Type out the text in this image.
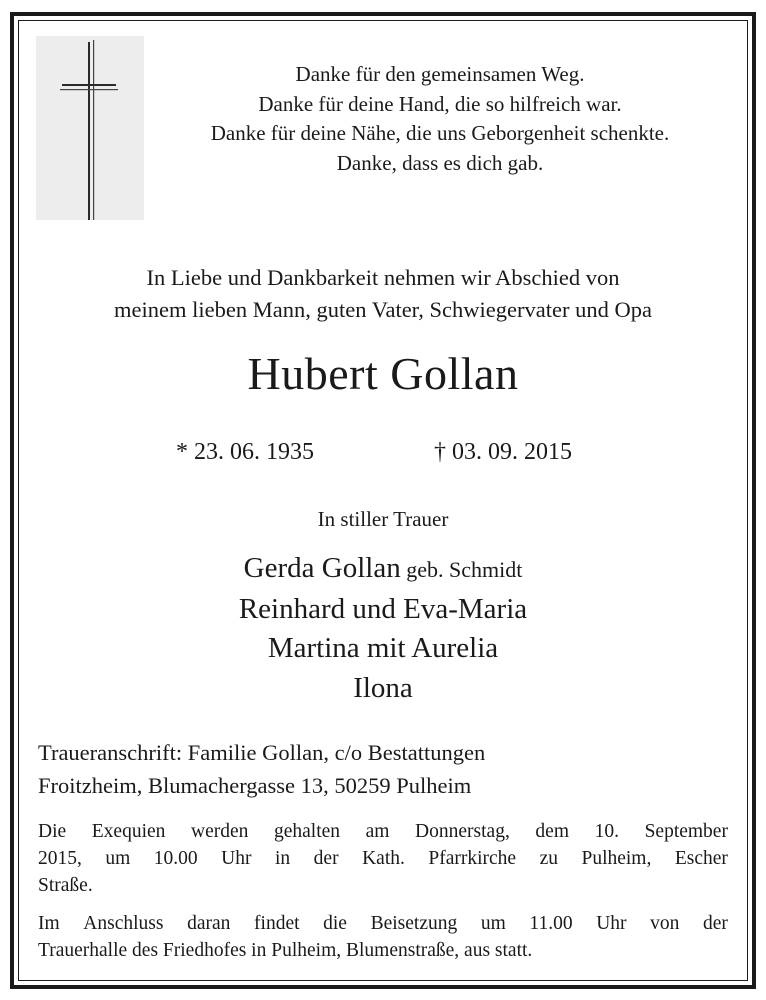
Danke für den gemeinsamen Weg.
Danke für deine Hand, die so hilfreich war.
Danke für deine Nähe, die uns Geborgenheit schenkte.
Danke, dass es dich gab.
In Liebe und Dankbarkeit nehmen wir Abschied von
meinem lieben Mann, guten Vater, Schwiegervater und Opa
Hubert Gollan
* 23. 06. 1935	† 03. 09. 2015
In stiller Trauer
Gerda Gollan geb. Schmidt
Reinhard und Eva-Maria
Martina mit Aurelia
Ilona
Traueranschrift: Familie Gollan, c/o Bestattungen
Froitzheim, Blumachergasse 13, 50259 Pulheim
Die Exequien werden gehalten am Donnerstag, dem 10. September
2015, um 10.00 Uhr in der Kath. Pfarrkirche zu Pulheim, Escher
Straße.
Im Anschluss daran findet die Beisetzung um 11.00 Uhr von der
Trauerhalle des Friedhofes in Pulheim, Blumenstraße, aus statt.
